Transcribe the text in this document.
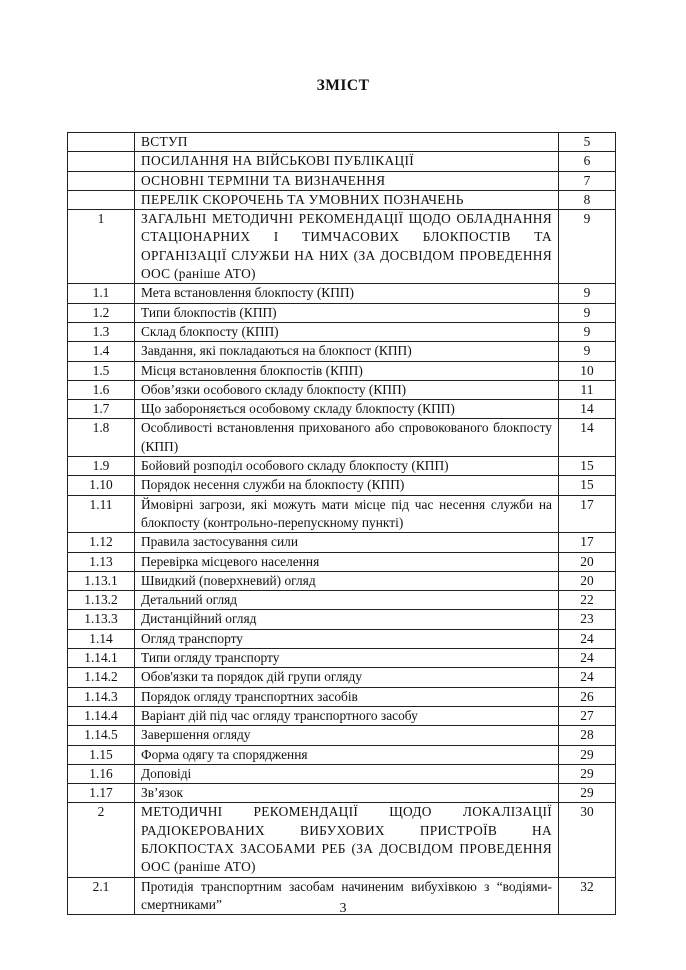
ЗМІСТ
	ВСТУП	5
	ПОСИЛАННЯ НА ВІЙСЬКОВІ ПУБЛІКАЦІЇ	6
	ОСНОВНІ ТЕРМІНИ ТА ВИЗНАЧЕННЯ	7
	ПЕРЕЛІК СКОРОЧЕНЬ ТА УМОВНИХ ПОЗНАЧЕНЬ	8
1	ЗАГАЛЬНІ МЕТОДИЧНІ РЕКОМЕНДАЦІЇ ЩОДО ОБЛАДНАННЯ СТАЦІОНАРНИХ І ТИМЧАСОВИХ БЛОКПОСТІВ ТА ОРГАНІЗАЦІЇ СЛУЖБИ НА НИХ (ЗА ДОСВІДОМ ПРОВЕДЕННЯ ООС (раніше АТО)	9
1.1	Мета встановлення блокпосту (КПП)	9
1.2	Типи блокпостів (КПП)	9
1.3	Склад блокпосту (КПП)	9
1.4	Завдання, які покладаються на блокпост (КПП)	9
1.5	Місця встановлення блокпостів (КПП)	10
1.6	Обов’язки особового складу блокпосту (КПП)	11
1.7	Що забороняється особовому складу блокпосту (КПП)	14
1.8	Особливості встановлення прихованого або спровокованого блокпосту (КПП)	14
1.9	Бойовий розподіл особового складу блокпосту (КПП)	15
1.10	Порядок несення служби на блокпосту (КПП)	15
1.11	Ймовірні загрози, які можуть мати місце під час несення служби на блокпосту (контрольно-перепускному пункті)	17
1.12	Правила застосування сили	17
1.13	Перевірка місцевого населення	20
1.13.1	Швидкий (поверхневий) огляд	20
1.13.2	Детальний огляд	22
1.13.3	Дистанційний огляд	23
1.14	Огляд транспорту	24
1.14.1	Типи огляду транспорту	24
1.14.2	Обов'язки та порядок дій групи огляду	24
1.14.3	Порядок огляду транспортних засобів	26
1.14.4	Варіант дій під час огляду транспортного засобу	27
1.14.5	Завершення огляду	28
1.15	Форма одягу та спорядження	29
1.16	Доповіді	29
1.17	Зв’язок	29
2	МЕТОДИЧНІ РЕКОМЕНДАЦІЇ ЩОДО ЛОКАЛІЗАЦІЇ РАДІОКЕРОВАНИХ ВИБУХОВИХ ПРИСТРОЇВ НА БЛОКПОСТАХ ЗАСОБАМИ РЕБ (ЗА ДОСВІДОМ ПРОВЕДЕННЯ ООС (раніше АТО)	30
2.1	Протидія транспортним засобам начиненим вибухівкою з “водіями-смертниками”	32
3
